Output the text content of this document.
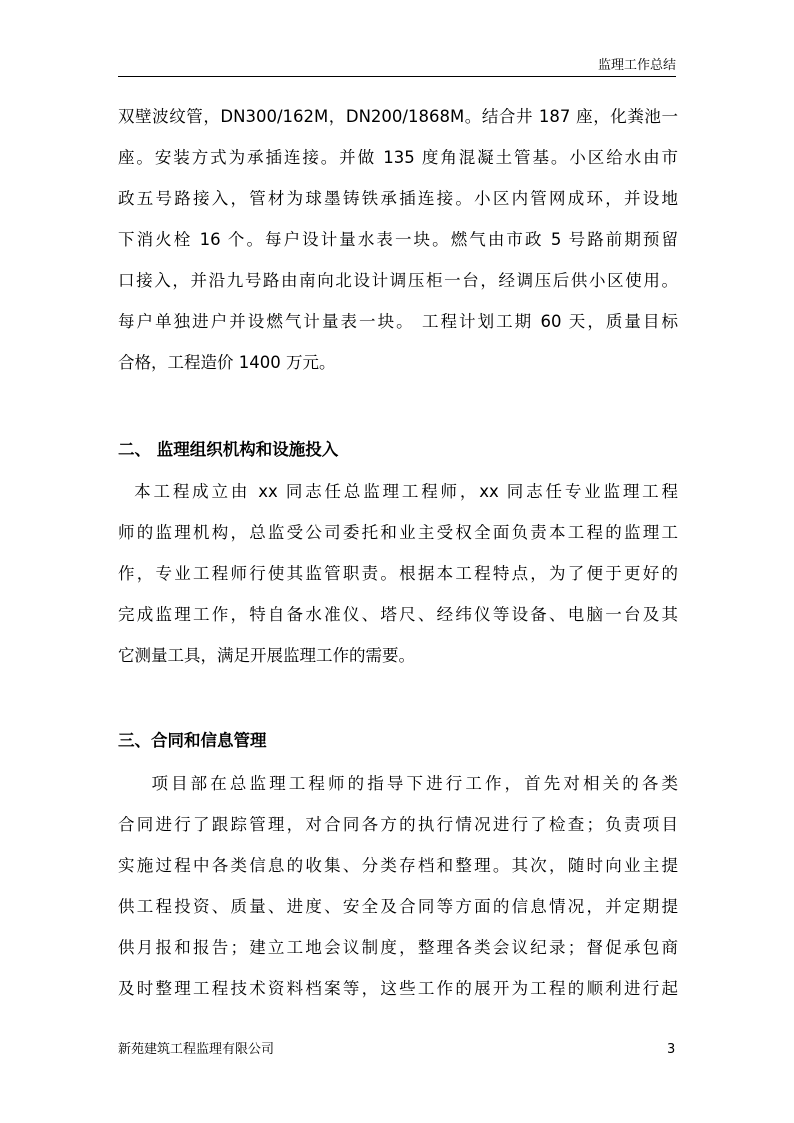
监理工作总结
双壁波纹管，DN300/162M，DN200/1868M。结合井 187 座，化粪池一
座。安装方式为承插连接。并做 135 度角混凝土管基。小区给水由市
政五号路接入，管材为球墨铸铁承插连接。小区内管网成环，并设地
下消火栓 16 个。每户设计量水表一块。燃气由市政 5 号路前期预留
口接入，并沿九号路由南向北设计调压柜一台，经调压后供小区使用。
每户单独进户并设燃气计量表一块。 工程计划工期 60 天，质量目标
合格，工程造价 1400 万元。
二、 监理组织机构和设施投入
本工程成立由 xx 同志任总监理工程师，xx 同志任专业监理工程
师的监理机构，总监受公司委托和业主受权全面负责本工程的监理工
作，专业工程师行使其监管职责。根据本工程特点，为了便于更好的
完成监理工作，特自备水准仪、塔尺、经纬仪等设备、电脑一台及其
它测量工具，满足开展监理工作的需要。
三、合同和信息管理
项目部在总监理工程师的指导下进行工作，首先对相关的各类
合同进行了跟踪管理，对合同各方的执行情况进行了检查；负责项目
实施过程中各类信息的收集、分类存档和整理。其次，随时向业主提
供工程投资、质量、进度、安全及合同等方面的信息情况，并定期提
供月报和报告；建立工地会议制度，整理各类会议纪录；督促承包商
及时整理工程技术资料档案等，这些工作的展开为工程的顺利进行起
新苑建筑工程监理有限公司	3
